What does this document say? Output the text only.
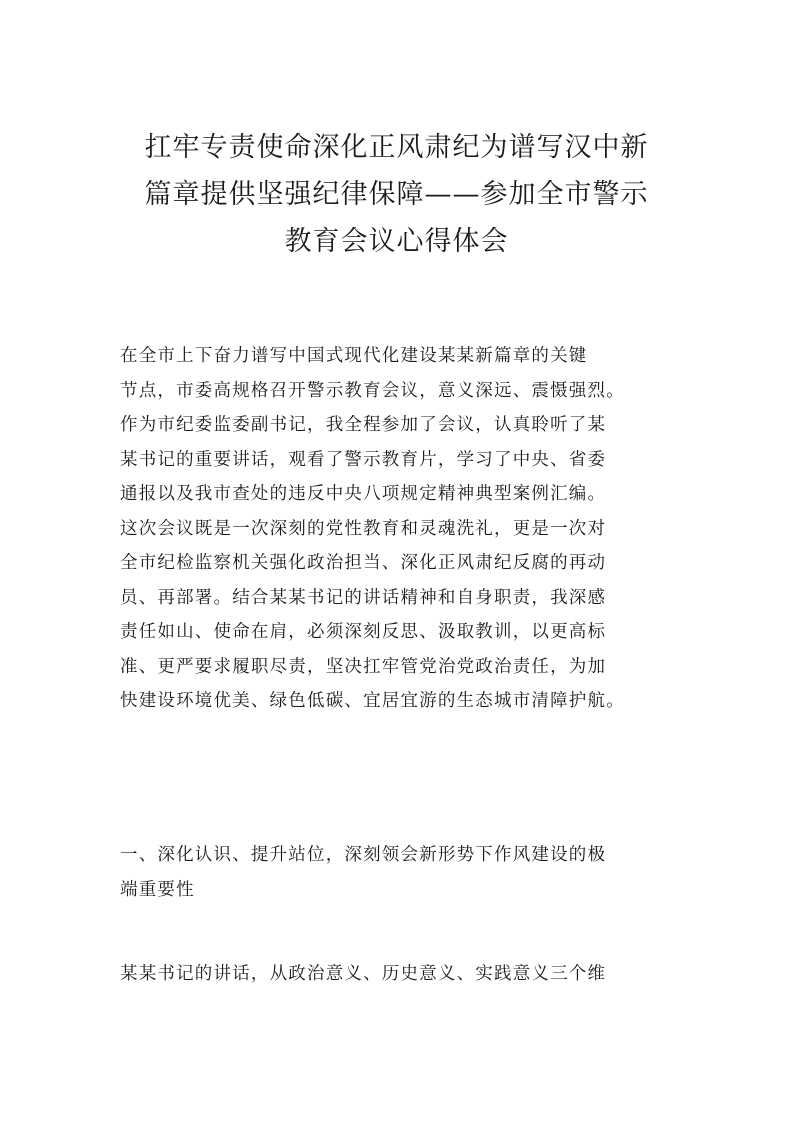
扛牢专责使命深化正风肃纪为谱写汉中新
篇章提供坚强纪律保障——参加全市警示
教育会议心得体会

在全市上下奋力谱写中国式现代化建设某某新篇章的关键
节点，市委高规格召开警示教育会议，意义深远、震慑强烈。
作为市纪委监委副书记，我全程参加了会议，认真聆听了某
某书记的重要讲话，观看了警示教育片，学习了中央、省委
通报以及我市查处的违反中央八项规定精神典型案例汇编。
这次会议既是一次深刻的党性教育和灵魂洗礼，更是一次对
全市纪检监察机关强化政治担当、深化正风肃纪反腐的再动
员、再部署。结合某某书记的讲话精神和自身职责，我深感
责任如山、使命在肩，必须深刻反思、汲取教训，以更高标
准、更严要求履职尽责，坚决扛牢管党治党政治责任，为加
快建设环境优美、绿色低碳、宜居宜游的生态城市清障护航。

一、深化认识、提升站位，深刻领会新形势下作风建设的极
端重要性

某某书记的讲话，从政治意义、历史意义、实践意义三个维
